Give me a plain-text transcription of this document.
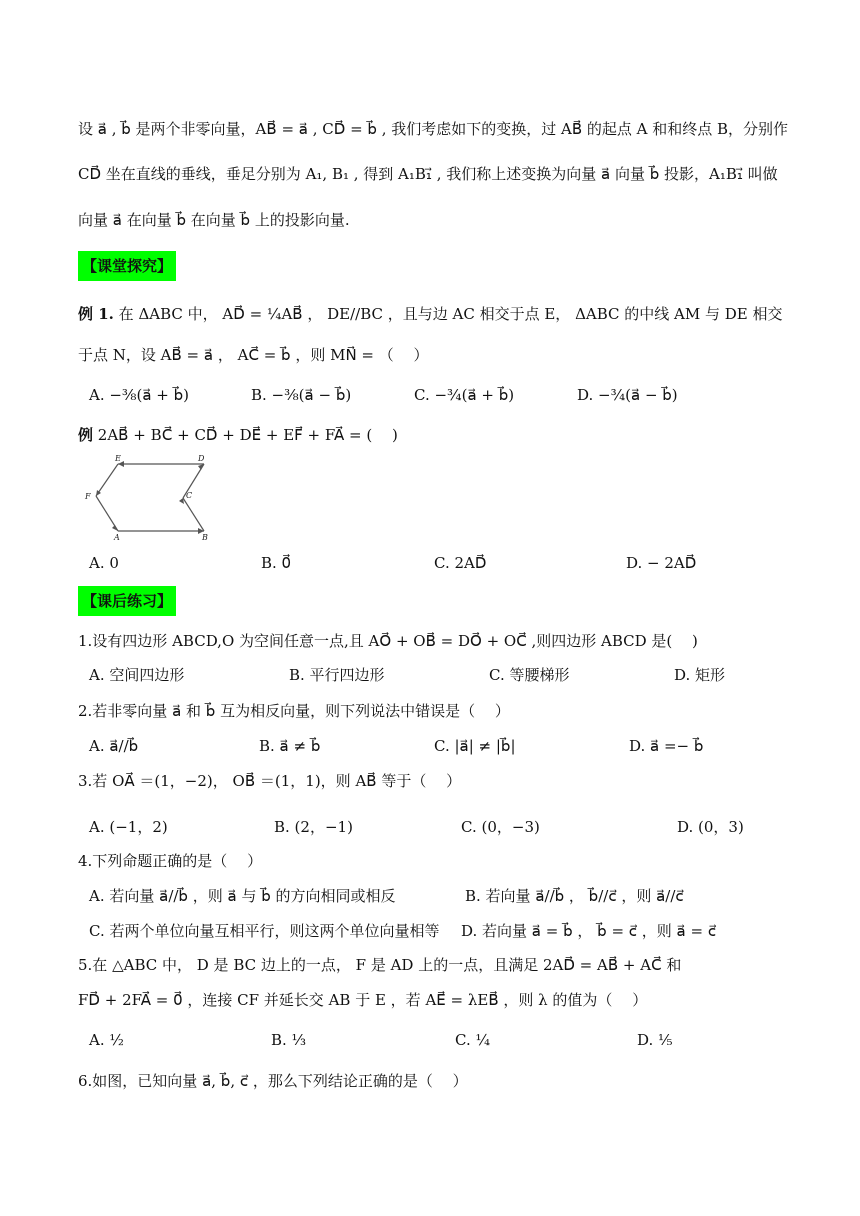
设 a⃗ , b⃗ 是两个非零向量，AB⃗ = a⃗ , CD⃗ = b⃗ , 我们考虑如下的变换，过 AB⃗ 的起点 A 和和终点 B，分别作
CD⃗ 坐在直线的垂线，垂足分别为 A₁, B₁ , 得到 A₁B₁⃗ , 我们称上述变换为向量 a⃗ 向量 b⃗ 投影，A₁B₁⃗ 叫做
向量 a⃗ 在向量 b⃗ 在向量 b⃗ 上的投影向量.
【课堂探究】
例 1. 在 ΔABC 中， AD⃗ = ¼AB⃗ ， DE//BC ，且与边 AC 相交于点 E， ΔABC 的中线 AM 与 DE 相交
于点 N，设 AB⃗ = a⃗ ， AC⃗ = b⃗ ，则 MN⃗ = （　 ）
A. −⅜(a⃗ + b⃗)	B. −⅜(a⃗ − b⃗)	C. −¾(a⃗ + b⃗)	D. −¾(a⃗ − b⃗)
例 2AB⃗ + BC⃗ + CD⃗ + DE⃗ + EF⃗ + FA⃗ = (　 )
E	D
F	C
A	B
A. 0	B. 0⃗	C. 2AD⃗	D. − 2AD⃗
【课后练习】
1.设有四边形 ABCD,O 为空间任意一点,且 AO⃗ + OB⃗ = DO⃗ + OC⃗ ,则四边形 ABCD 是(　 )
A. 空间四边形	B. 平行四边形	C. 等腰梯形	D. 矩形
2.若非零向量 a⃗ 和 b⃗ 互为相反向量，则下列说法中错误是（　 ）
A. a⃗//b⃗	B. a⃗ ≠ b⃗	C. |a⃗| ≠ |b⃗|	D. a⃗ =− b⃗
3.若 OA⃗ ＝(1，−2)， OB⃗ ＝(1，1)，则 AB⃗ 等于（　 ）
A. (−1，2)	B. (2，−1)	C. (0，−3)	D. (0，3)
4.下列命题正确的是（　 ）
A. 若向量 a⃗//b⃗ ，则 a⃗ 与 b⃗ 的方向相同或相反	B. 若向量 a⃗//b⃗ ， b⃗//c⃗ ，则 a⃗//c⃗
C. 若两个单位向量互相平行，则这两个单位向量相等 D. 若向量 a⃗ = b⃗ ， b⃗ = c⃗ ，则 a⃗ = c⃗
5.在 △ABC 中， D 是 BC 边上的一点， F 是 AD 上的一点，且满足 2AD⃗ = AB⃗ + AC⃗ 和
FD⃗ + 2FA⃗ = 0⃗ ，连接 CF 并延长交 AB 于 E ，若 AE⃗ = λEB⃗ ，则 λ 的值为（　 ）
A. ½	B. ⅓	C. ¼	D. ⅕
6.如图，已知向量 a⃗, b⃗, c⃗ ，那么下列结论正确的是（　 ）
